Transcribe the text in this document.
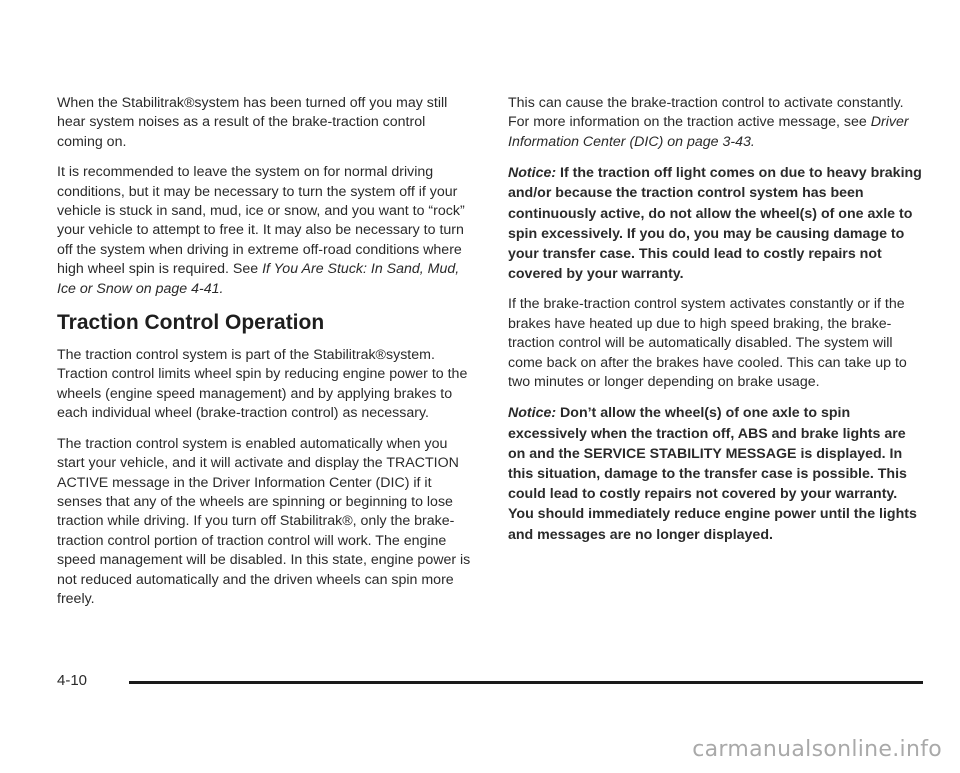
When the Stabilitrak®system has been turned off you may still hear system noises as a result of the brake-traction control coming on.

It is recommended to leave the system on for normal driving conditions, but it may be necessary to turn the system off if your vehicle is stuck in sand, mud, ice or snow, and you want to “rock” your vehicle to attempt to free it. It may also be necessary to turn off the system when driving in extreme off-road conditions where high wheel spin is required. See If You Are Stuck: In Sand, Mud, Ice or Snow on page 4-41.

Traction Control Operation

The traction control system is part of the Stabilitrak®system. Traction control limits wheel spin by reducing engine power to the wheels (engine speed management) and by applying brakes to each individual wheel (brake-traction control) as necessary.

The traction control system is enabled automatically when you start your vehicle, and it will activate and display the TRACTION ACTIVE message in the Driver Information Center (DIC) if it senses that any of the wheels are spinning or beginning to lose traction while driving. If you turn off Stabilitrak®, only the brake-traction control portion of traction control will work. The engine speed management will be disabled. In this state, engine power is not reduced automatically and the driven wheels can spin more freely.

This can cause the brake-traction control to activate constantly. For more information on the traction active message, see Driver Information Center (DIC) on page 3-43.

Notice: If the traction off light comes on due to heavy braking and/or because the traction control system has been continuously active, do not allow the wheel(s) of one axle to spin excessively. If you do, you may be causing damage to your transfer case. This could lead to costly repairs not covered by your warranty.

If the brake-traction control system activates constantly or if the brakes have heated up due to high speed braking, the brake-traction control will be automatically disabled. The system will come back on after the brakes have cooled. This can take up to two minutes or longer depending on brake usage.

Notice: Don’t allow the wheel(s) of one axle to spin excessively when the traction off, ABS and brake lights are on and the SERVICE STABILITY MESSAGE is displayed. In this situation, damage to the transfer case is possible. This could lead to costly repairs not covered by your warranty. You should immediately reduce engine power until the lights and messages are no longer displayed.
4-10
carmanualsonline.info
